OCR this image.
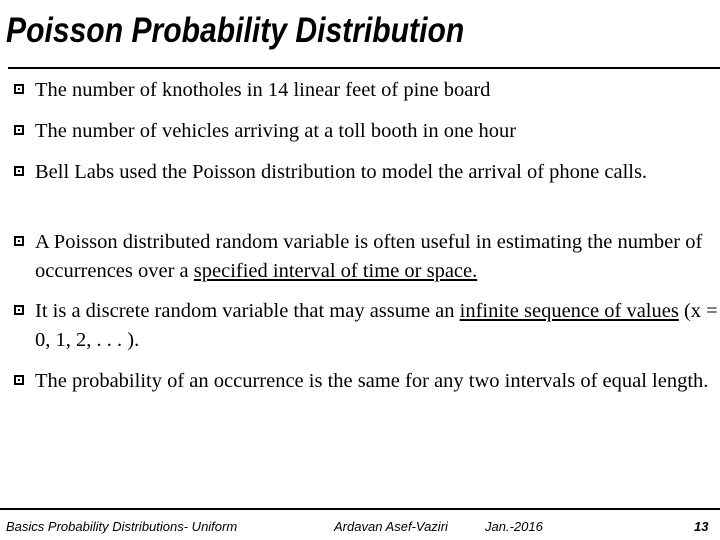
Poisson Probability Distribution
The number of knotholes in 14 linear feet of pine board
The number of vehicles arriving at a toll booth in one hour
Bell Labs used the Poisson distribution to model the arrival of phone calls.
A Poisson distributed random variable is often useful in estimating the number of occurrences over a specified interval of time or space.
It is a discrete random variable that may assume an infinite sequence of values (x = 0, 1, 2, . . . ).
The probability of an occurrence is the same for any two intervals of equal length.
Basics Probability Distributions- Uniform	Ardavan Asef-Vaziri	Jan.-2016	13
